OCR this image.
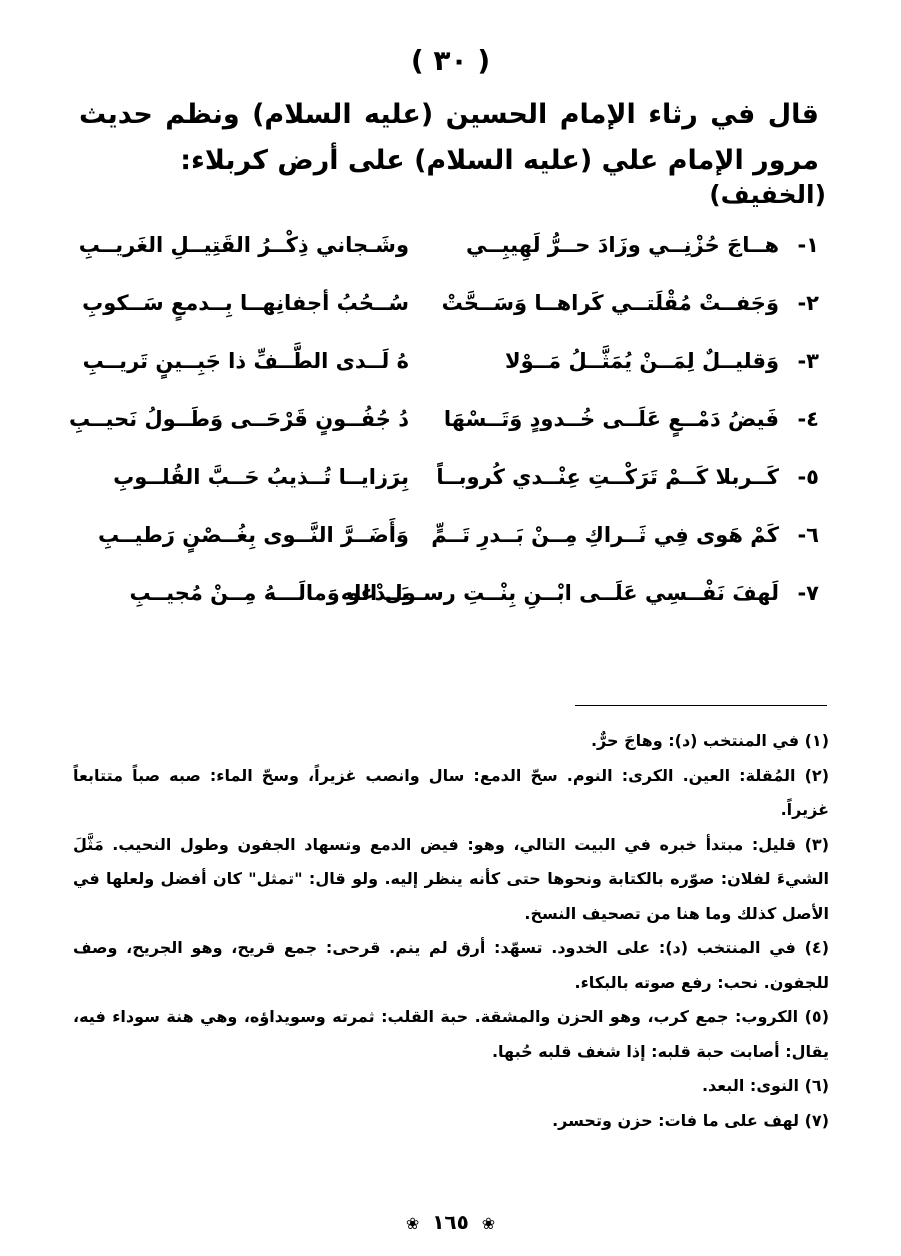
( ٣٠ )
قال في رثاء الإمام الحسين (عليه السلام) ونظم حديث مرور الإمام علي (عليه السلام) على أرض كربلاء:
(الخفيف)
١-
هــاجَ حُزْنِــي وزَادَ حــرُّ لَهِيبِــي
وشَـجاني ذِكْــرُ القَتِيــلِ الغَريــبِ
٢-
وَجَفــتْ مُقْلَتــي كَراهــا وَسَــحَّتْ
سُــحُبُ أجفانِهــا بِــدمعٍ سَــكوبِ
٣-
وَقليــلٌ لِمَــنْ يُمَثَّــلُ مَــوْلا
هُ لَــدى الطَّــفِّ ذا جَبِــينٍ تَريــبِ
٤-
فَيضُ دَمْــعٍ عَلَــى خُــدودٍ وَتَــسْهَا
دُ جُفُــونٍ قَرْحَــى وَطَــولُ نَحيــبِ
٥-
كَــربلا كَــمْ تَرَكْــتِ عِنْــدي كُروبــاً
بِرَزايــا تُــذيبُ حَــبَّ القُلــوبِ
٦-
كَمْ هَوى فِي ثَــراكِ مِــنْ بَــدرِ تَــمٍّ
وَأَضَــرَّ النَّــوى بِغُــصْنٍ رَطيــبِ
٧-
لَهفَ نَفْــسِي عَلَــى ابْــنِ بِنْــتِ رسـول الله
يَــدْعو وَمالَـــهُ مِــنْ مُجيــبِ
(١) في المنتخب (د): وهاجَ حرٌّ.
(٢) المُقلة: العين. الكرى: النوم. سحّ الدمع: سال وانصب غزيراً، وسحّ الماء: صبه صباً متتابعاً غزيراً.
(٣) قليل: مبتدأ خبره في البيت التالي، وهو: فيض الدمع وتسهاد الجفون وطول النحيب. مَثَّلَ الشيءَ لفلان: صوّره بالكتابة ونحوها حتى كأنه ينظر إليه. ولو قال: "تمثل" كان أفضل ولعلها في الأصل كذلك وما هنا من تصحيف النسخ.
(٤) في المنتخب (د): على الخدود. تسهّد: أرق لم ينم. قرحى: جمع قريح، وهو الجريح، وصف للجفون. نحب: رفع صوته بالبكاء.
(٥) الكروب: جمع كرب، وهو الحزن والمشقة. حبة القلب: ثمرته وسويداؤه، وهي هنة سوداء فيه، يقال: أصابت حبة قلبه: إذا شغف قلبه حُبها.
(٦) النوى: البعد.
(٧) لهف على ما فات: حزن وتحسر.
❀ ١٦٥ ❀
